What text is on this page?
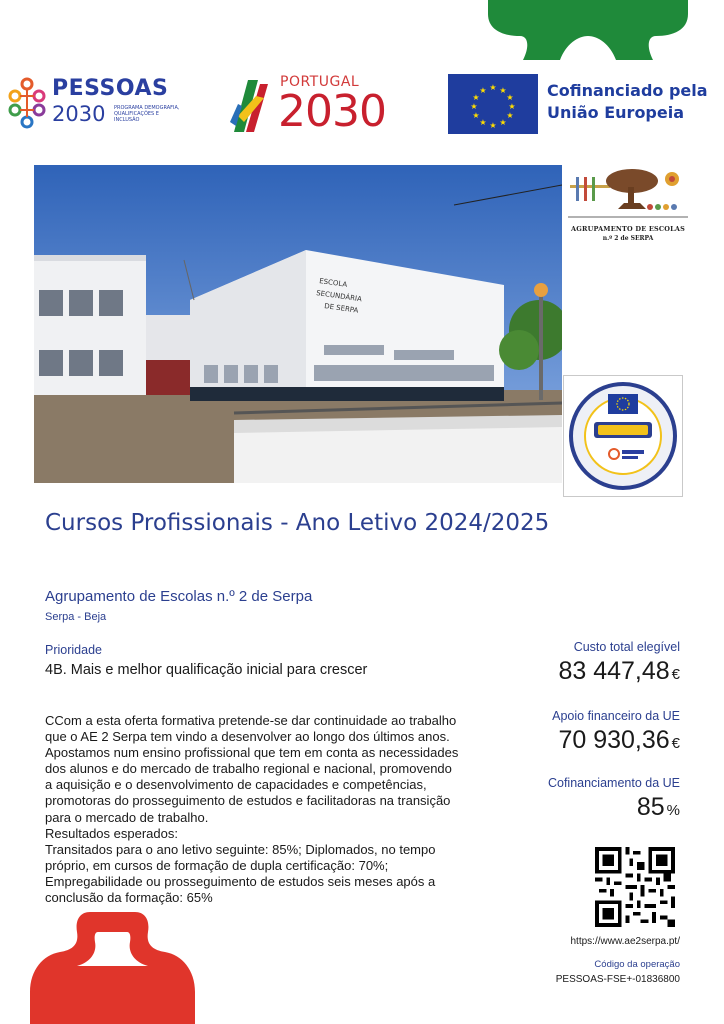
PESSOAS
2030 PROGRAMA DEMOGRAFIA, QUALIFICAÇÕES E INCLUSÃO
PORTUGAL
2030	★ ★
★
★
★
★
★
★
★
★
★
★	Cofinanciado pela
União Europeia
ESCOLA
SECUNDÁRIA
DE SERPA
AGRUPAMENTO DE ESCOLAS
n.º 2 de SERPA
Cursos Profissionais - Ano Letivo 2024/2025
Agrupamento de Escolas n.º 2 de Serpa
Serpa - Beja
Prioridade
4B. Mais e melhor qualificação inicial para crescer

CCom a esta oferta formativa pretende-se dar continuidade ao trabalho

que o AE 2 Serpa tem vindo a desenvolver ao longo dos últimos anos.

Apostamos num ensino profissional que tem em conta as necessidades

dos alunos e do mercado de trabalho regional e nacional, promovendo

a aquisição e o desenvolvimento de capacidades e competências,

promotoras do prosseguimento de estudos e facilitadoras na transição

para o mercado de trabalho.

Resultados esperados:

Transitados para o ano letivo seguinte: 85%; Diplomados, no tempo

próprio, em cursos de formação de dupla certificação: 70%;

Empregabilidade ou prosseguimento de estudos seis meses após a

conclusão da formação: 65%

Custo total elegível
83 447,48 €
Apoio financeiro da UE
70 930,36 €
Cofinanciamento da UE
85 %
https://www.ae2serpa.pt/
Código da operação
PESSOAS-FSE+-01836800
